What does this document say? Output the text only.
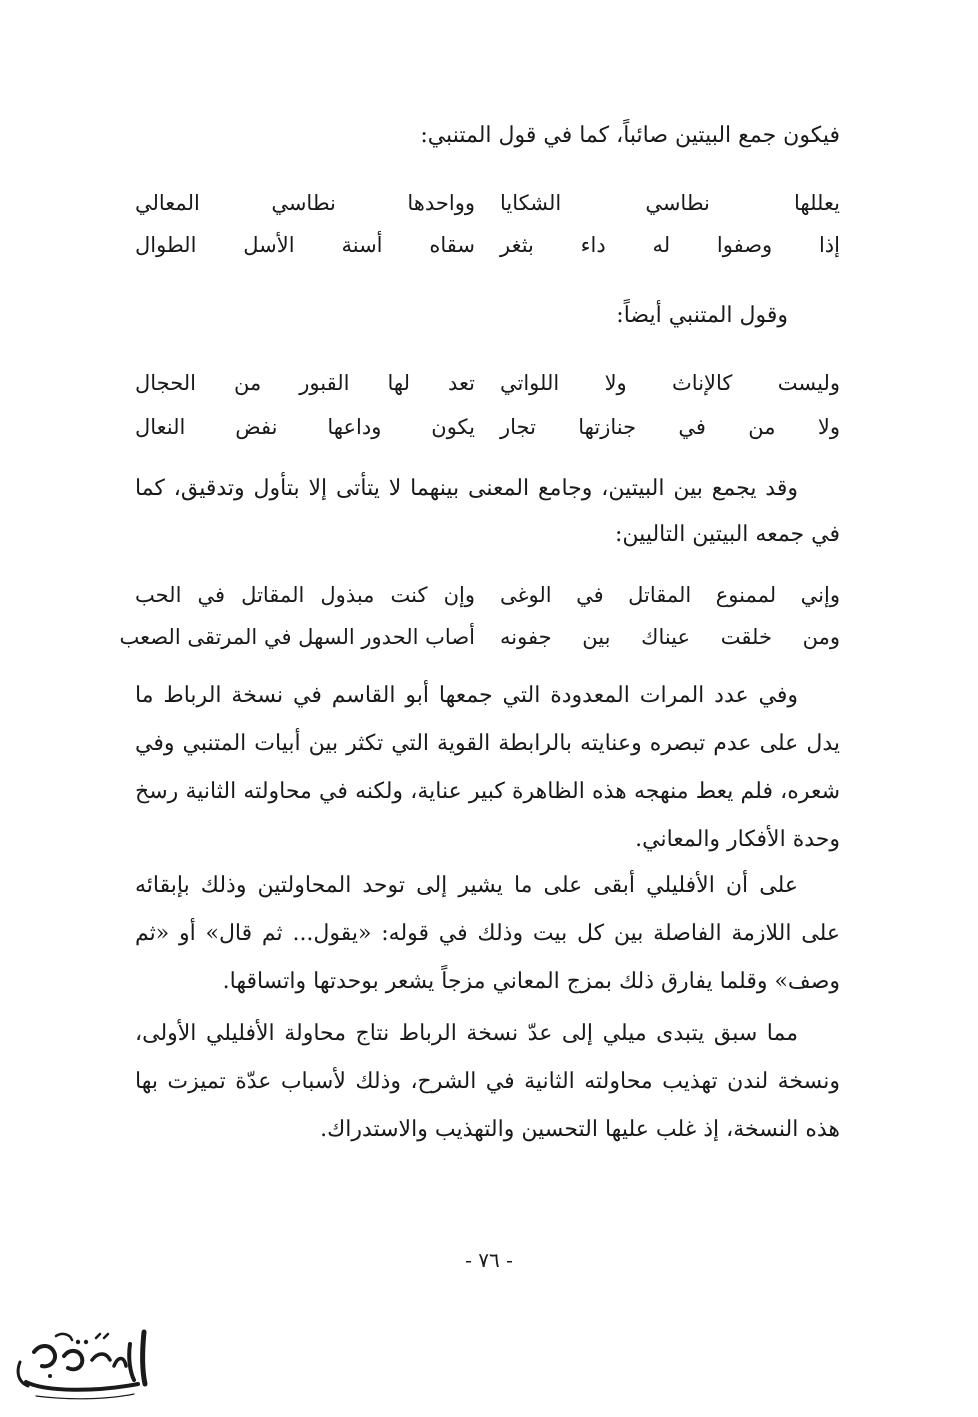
فيكون جمع البيتين صائباً، كما في قول المتنبي:

يعللها نطاسي الشكايا
وواحدها نطاسي المعالي
إذا وصفوا له داء بثغر
سقاه أسنة الأسل الطوال

وقول المتنبي أيضاً:

وليست كالإناث ولا اللواتي
تعد لها القبور من الحجال
ولا من في جنازتها تجار
يكون وداعها نفض النعال

وقد يجمع بين البيتين، وجامع المعنى بينهما لا يتأتى إلا بتأول وتدقيق، كما في جمعه البيتين التاليين:

وإني لممنوع المقاتل في الوغى
وإن كنت مبذول المقاتل في الحب
ومن خلقت عيناك بين جفونه
أصاب الحدور السهل في المرتقى الصعب

وفي عدد المرات المعدودة التي جمعها أبو القاسم في نسخة الرباط ما يدل على عدم تبصره وعنايته بالرابطة القوية التي تكثر بين أبيات المتنبي وفي شعره، فلم يعط منهجه هذه الظاهرة كبير عناية، ولكنه في محاولته الثانية رسخ وحدة الأفكار والمعاني.

على أن الأفليلي أبقى على ما يشير إلى توحد المحاولتين وذلك بإبقائه على اللازمة الفاصلة بين كل بيت وذلك في قوله: «يقول... ثم قال» أو «ثم وصف» وقلما يفارق ذلك بمزج المعاني مزجاً يشعر بوحدتها واتساقها.

مما سبق يتبدى ميلي إلى عدّ نسخة الرباط نتاج محاولة الأفليلي الأولى، ونسخة لندن تهذيب محاولته الثانية في الشرح، وذلك لأسباب عدّة تميزت بها هذه النسخة، إذ غلب عليها التحسين والتهذيب والاستدراك.

- ٧٦ -
